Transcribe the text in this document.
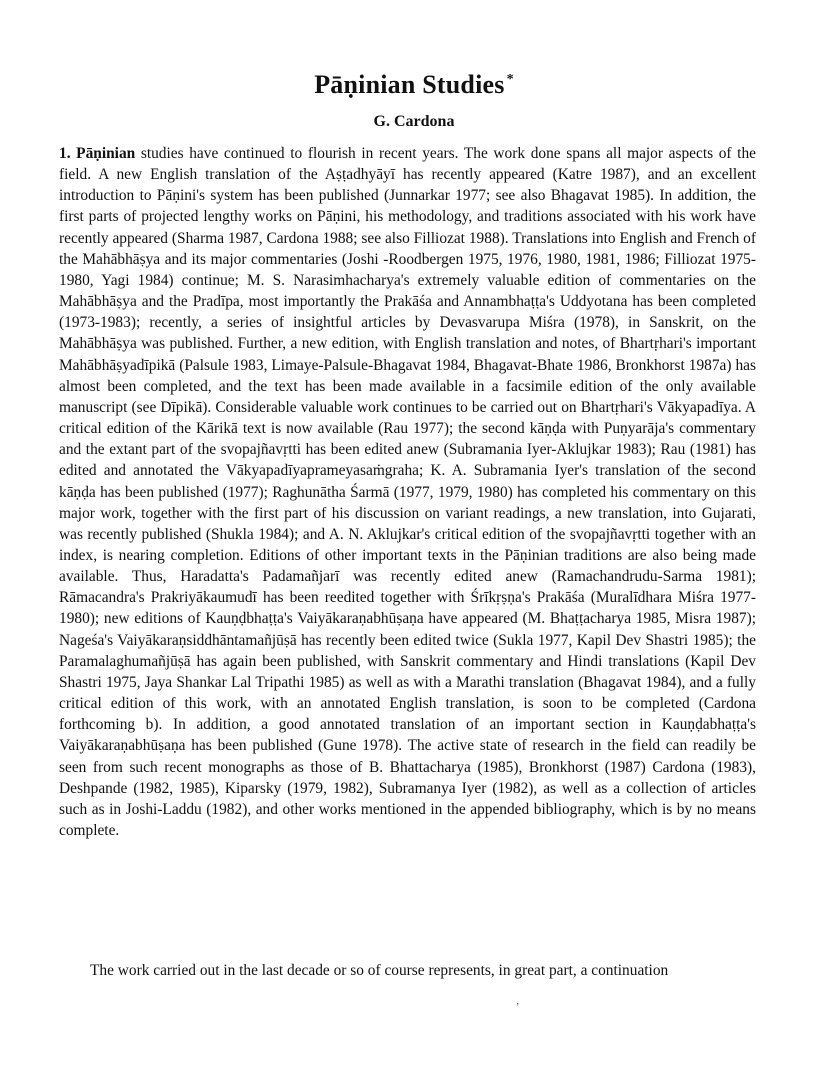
Pāṇinian Studies *
G. Cardona

1. Pāṇinian studies have continued to flourish in recent years. The work done spans all major aspects of the field. A new English translation of the Aṣṭadhyāyī has recently appeared (Katre 1987), and an excellent introduction to Pāṇini's system has been published (Junnarkar 1977; see also Bhagavat 1985). In addition, the first parts of projected lengthy works on Pāṇini, his methodology, and traditions associated with his work have recently appeared (Sharma 1987, Cardona 1988; see also Filliozat 1988). Translations into English and French of the Mahābhāṣya and its major commentaries (Joshi -Roodbergen 1975, 1976, 1980, 1981, 1986; Filliozat 1975-1980, Yagi 1984) continue; M. S. Narasimhacharya's extremely valuable edition of commentaries on the Mahābhāṣya and the Pradīpa, most importantly the Prakāśa and Annambhaṭṭa's Uddyotana has been completed (1973-1983); recently, a series of insightful articles by Devasvarupa Miśra (1978), in Sanskrit, on the Mahābhāṣya was published. Further, a new edition, with English translation and notes, of Bhartṛhari's important Mahābhāṣyadīpikā (Palsule 1983, Limaye-Palsule-Bhagavat 1984, Bhagavat-Bhate 1986, Bronkhorst 1987a) has almost been completed, and the text has been made available in a facsimile edition of the only available manuscript (see Dīpikā). Considerable valuable work continues to be carried out on Bhartṛhari's Vākyapadīya. A critical edition of the Kārikā text is now available (Rau 1977); the second kāṇḍa with Puṇyarāja's commentary and the extant part of the svopajñavṛtti has been edited anew (Subramania Iyer-Aklujkar 1983); Rau (1981) has edited and annotated the Vākyapadīyaprameyasaṁgraha; K. A. Subramania Iyer's translation of the second kāṇḍa has been published (1977); Raghunātha Śarmā (1977, 1979, 1980) has completed his commentary on this major work, together with the first part of his discussion on variant readings, a new translation, into Gujarati, was recently published (Shukla 1984); and A. N. Aklujkar's critical edition of the svopajñavṛtti together with an index, is nearing completion. Editions of other important texts in the Pāṇinian traditions are also being made available. Thus, Haradatta's Padamañjarī was recently edited anew (Ramachandrudu-Sarma 1981); Rāmacandra's Prakriyākaumudī has been reedited together with Śrīkṛṣṇa's Prakāśa (Muralīdhara Miśra 1977-1980); new editions of Kauṇḍbhaṭṭa's Vaiyākaraṇabhūṣaṇa have appeared (M. Bhaṭṭacharya 1985, Misra 1987); Nageśa's Vaiyākaraṇsiddhāntamañjūṣā has recently been edited twice (Sukla 1977, Kapil Dev Shastri 1985); the Paramalaghumañjūṣā has again been published, with Sanskrit commentary and Hindi translations (Kapil Dev Shastri 1975, Jaya Shankar Lal Tripathi 1985) as well as with a Marathi translation (Bhagavat 1984), and a fully critical edition of this work, with an annotated English translation, is soon to be completed (Cardona forthcoming b). In addition, a good annotated translation of an important section in Kauṇḍabhaṭṭa's Vaiyākaraṇabhūṣaṇa has been published (Gune 1978). The active state of research in the field can readily be seen from such recent monographs as those of B. Bhattacharya (1985), Bronkhorst (1987) Cardona (1983), Deshpande (1982, 1985), Kiparsky (1979, 1982), Subramanya Iyer (1982), as well as a collection of articles such as in Joshi-Laddu (1982), and other works mentioned in the appended bibliography, which is by no means complete.

The work carried out in the last decade or so of course represents, in great part, a continuation

’
